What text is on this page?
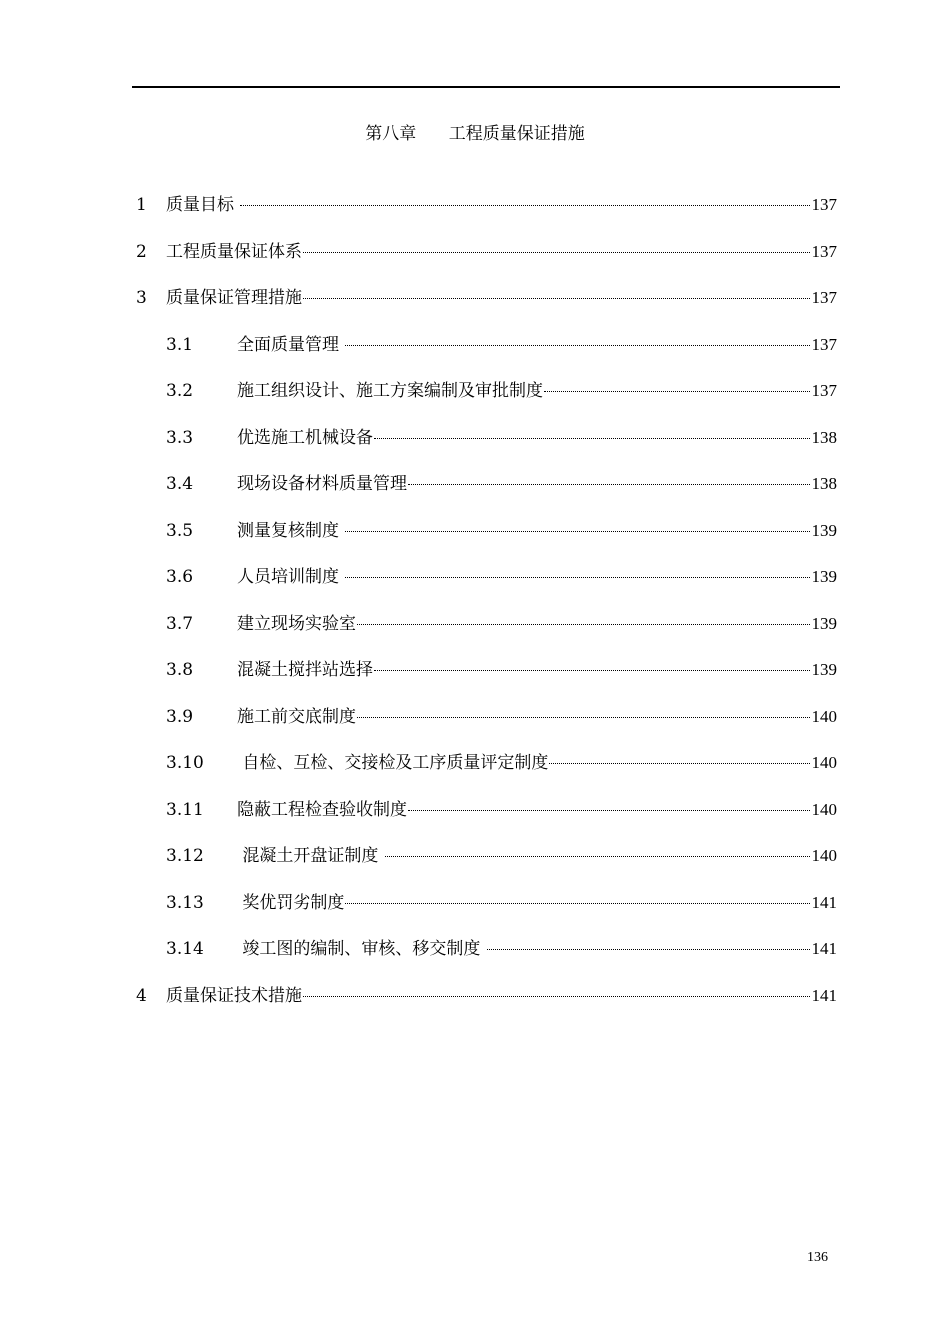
第八章      工程质量保证措施
1 质量目标	137
2 工程质量保证体系	137
3 质量保证管理措施	137
3.1	全面质量管理	137
3.2	施工组织设计、施工方案编制及审批制度	137
3.3	优选施工机械设备	138
3.4	现场设备材料质量管理	138
3.5	测量复核制度	139
3.6	人员培训制度	139
3.7	建立现场实验室	139
3.8	混凝土搅拌站选择	139
3.9	施工前交底制度	140
3.10 自检、互检、交接检及工序质量评定制度	140
3.11 隐蔽工程检查验收制度	140
3.12 混凝土开盘证制度	140
3.13 奖优罚劣制度	141
3.14 竣工图的编制、审核、移交制度	141
4 质量保证技术措施	141
136
